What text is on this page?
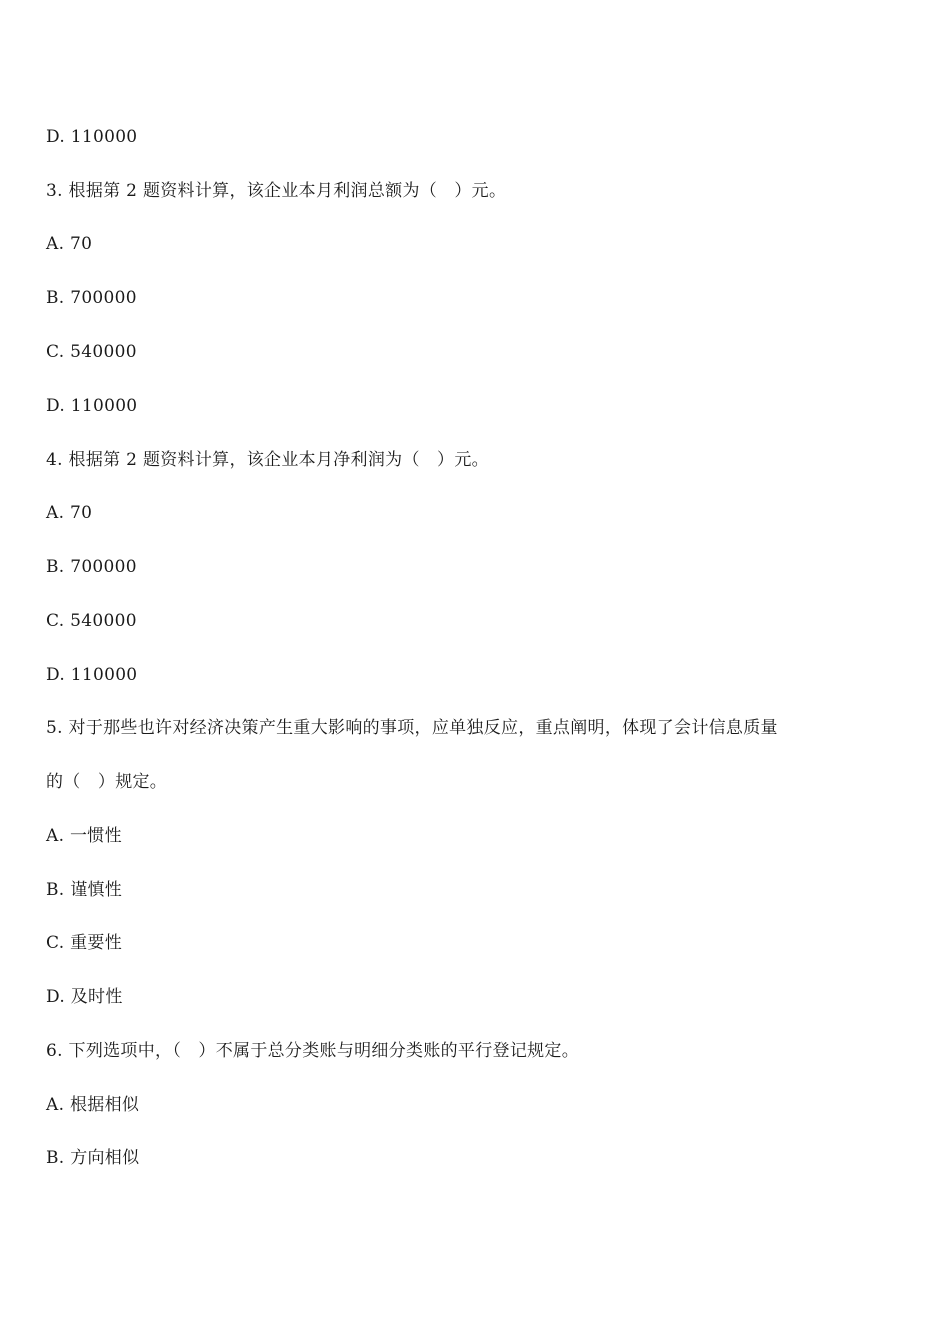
D. 110000
3. 根据第 2 题资料计算，该企业本月利润总额为（　）元。
A. 70
B. 700000
C. 540000
D. 110000
4. 根据第 2 题资料计算，该企业本月净利润为（　）元。
A. 70
B. 700000
C. 540000
D. 110000
5. 对于那些也许对经济决策产生重大影响的事项，应单独反应，重点阐明，体现了会计信息质量
的（　）规定。
A. 一惯性
B. 谨慎性
C. 重要性
D. 及时性
6. 下列选项中，（　）不属于总分类账与明细分类账的平行登记规定。
A. 根据相似
B. 方向相似
